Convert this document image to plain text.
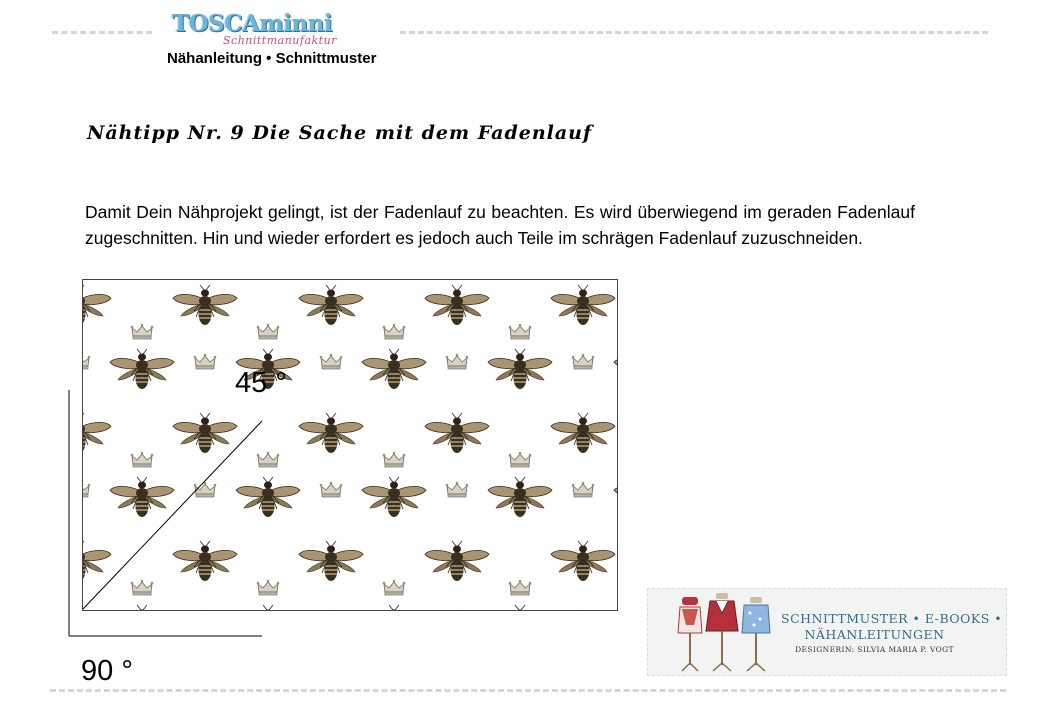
TOSCAminni
Schnittmanufaktur
Nähanleitung • Schnittmuster
Nähtipp Nr. 9 Die Sache mit dem Fadenlauf
Damit Dein Nähprojekt gelingt, ist der Fadenlauf zu beachten. Es wird überwiegend im geraden Fadenlauf zugeschnitten. Hin und wieder erfordert es jedoch auch Teile im schrägen Fadenlauf zuzuschneiden.
45 °
90 °
SCHNITTMUSTER • E-BOOKS •
NÄHANLEITUNGEN
DESIGNERIN: SILVIA MARIA P. VOGT
